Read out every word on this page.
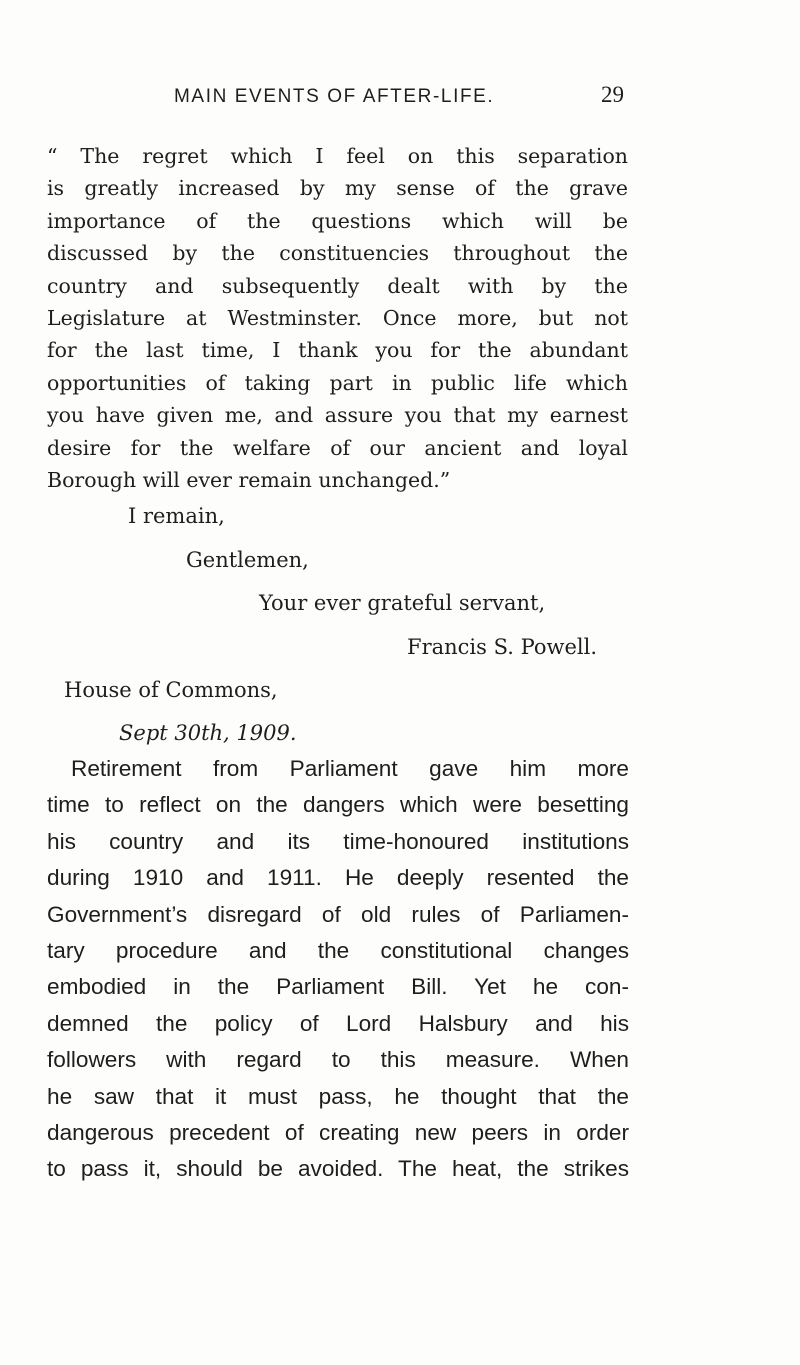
MAIN EVENTS OF AFTER-LIFE.	29
“ The regret which I feel on this separation
is greatly increased by my sense of the grave
importance of the questions which will be
discussed by the constituencies throughout the
country and subsequently dealt with by the
Legislature at Westminster. Once more, but not
for the last time, I thank you for the abundant
opportunities of taking part in public life which
you have given me, and assure you that my earnest
desire for the welfare of our ancient and loyal
Borough will ever remain unchanged.”
I remain,
Gentlemen,
Your ever grateful servant,
Francis S. Powell.
House of Commons,
Sept 30th, 1909.
Retirement from Parliament gave him more
time to reflect on the dangers which were besetting
his country and its time-honoured institutions
during 1910 and 1911. He deeply resented the
Government’s disregard of old rules of Parliamen-
tary procedure and the constitutional changes
embodied in the Parliament Bill. Yet he con-
demned the policy of Lord Halsbury and his
followers with regard to this measure. When
he saw that it must pass, he thought that the
dangerous precedent of creating new peers in order
to pass it, should be avoided. The heat, the strikes
